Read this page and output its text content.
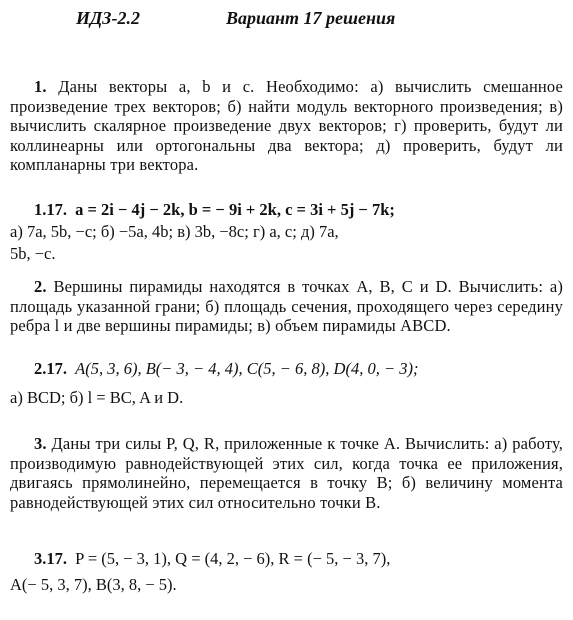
ИДЗ-2.2	Вариант 17 решения
1. Даны векторы a, b и c. Необходимо: а) вычислить смешанное произведение трех векторов; б) найти модуль векторного произведения; в) вычислить скалярное произведение двух векторов; г) проверить, будут ли коллинеарны или ортогональны два вектора; д) проверить, будут ли компланарны три вектора.
1.17. a = 2i − 4j − 2k, b = − 9i + 2k, c = 3i + 5j − 7k;
а) 7a, 5b, −c; б) −5a, 4b; в) 3b, −8c; г) a, c; д) 7a,
5b, −c.
2. Вершины пирамиды находятся в точках A, B, C и D. Вычислить: а) площадь указанной грани; б) площадь сечения, проходящего через середину ребра l и две вершины пирамиды; в) объем пирамиды ABCD.
2.17. A(5, 3, 6), B(− 3, − 4, 4), C(5, − 6, 8), D(4, 0, − 3);
а) BCD; б) l = BC, A и D.
3. Даны три силы P, Q, R, приложенные к точке A. Вычислить: а) работу, производимую равнодействующей этих сил, когда точка ее приложения, двигаясь прямолинейно, перемещается в точку B; б) величину момента равнодействующей этих сил относительно точки B.
3.17. P = (5, − 3, 1), Q = (4, 2, − 6), R = (− 5, − 3, 7),
A(− 5, 3, 7), B(3, 8, − 5).
